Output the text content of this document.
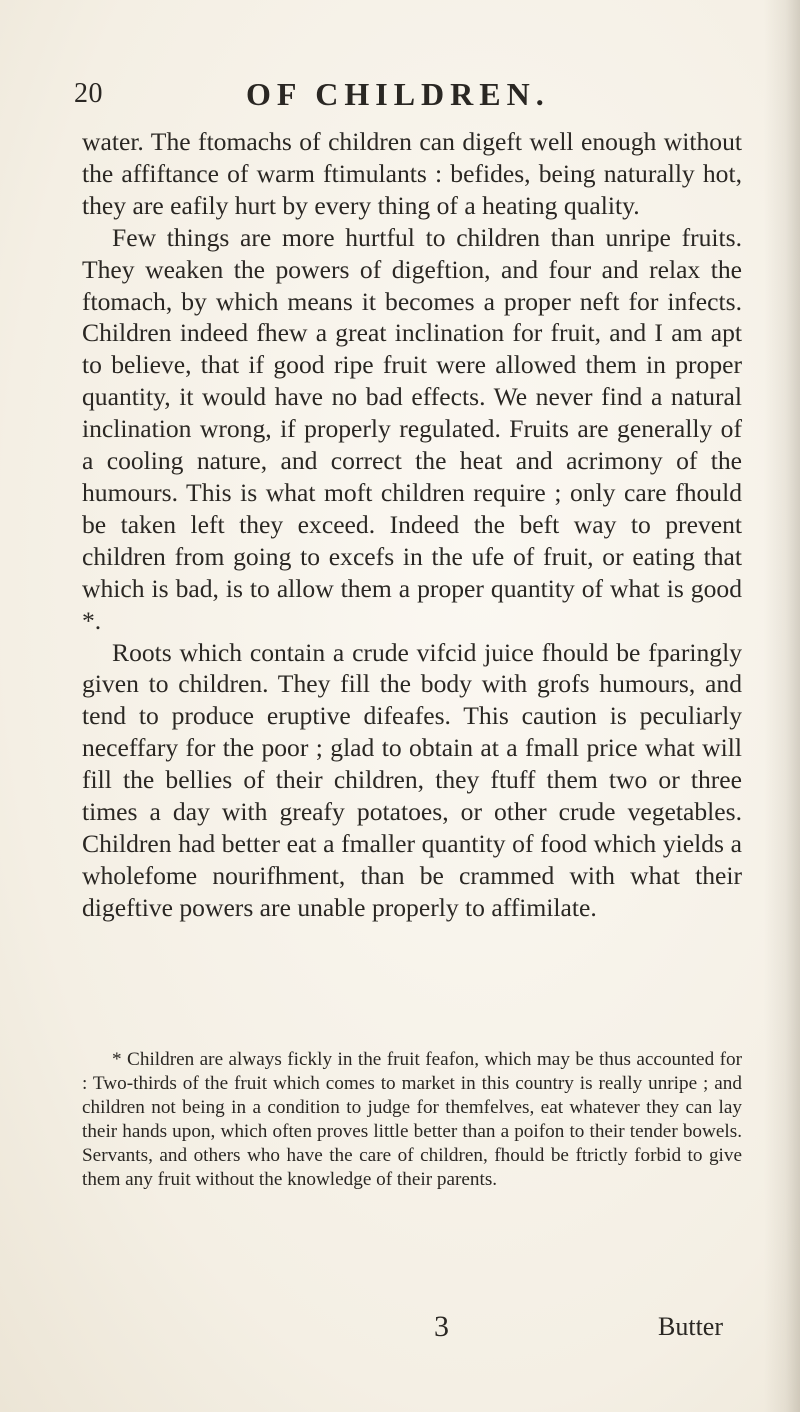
20	OF CHILDREN.

water. The ftomachs of children can digeft well enough without the affiftance of warm ftimulants : befides, being naturally hot, they are eafily hurt by every thing of a heating quality.

Few things are more hurtful to children than unripe fruits. They weaken the powers of digeftion, and four and relax the ftomach, by which means it becomes a proper neft for infects. Children indeed fhew a great inclination for fruit, and I am apt to believe, that if good ripe fruit were allowed them in proper quantity, it would have no bad effects. We never find a natural inclination wrong, if properly regulated. Fruits are generally of a cooling nature, and correct the heat and acrimony of the humours. This is what moft children require ; only care fhould be taken left they exceed. Indeed the beft way to prevent children from going to excefs in the ufe of fruit, or eating that which is bad, is to allow them a proper quantity of what is good *.

Roots which contain a crude vifcid juice fhould be fparingly given to children. They fill the body with grofs humours, and tend to produce eruptive difeafes. This caution is peculiarly neceffary for the poor ; glad to obtain at a fmall price what will fill the bellies of their children, they ftuff them two or three times a day with greafy potatoes, or other crude vegetables. Children had better eat a fmaller quantity of food which yields a wholefome nourifhment, than be crammed with what their digeftive powers are unable properly to affimilate.

* Children are always fickly in the fruit feafon, which may be thus accounted for : Two-thirds of the fruit which comes to market in this country is really unripe ; and children not being in a condition to judge for themfelves, eat whatever they can lay their hands upon, which often proves little better than a poifon to their tender bowels. Servants, and others who have the care of children, fhould be ftrictly forbid to give them any fruit without the knowledge of their parents.

3	Butter
